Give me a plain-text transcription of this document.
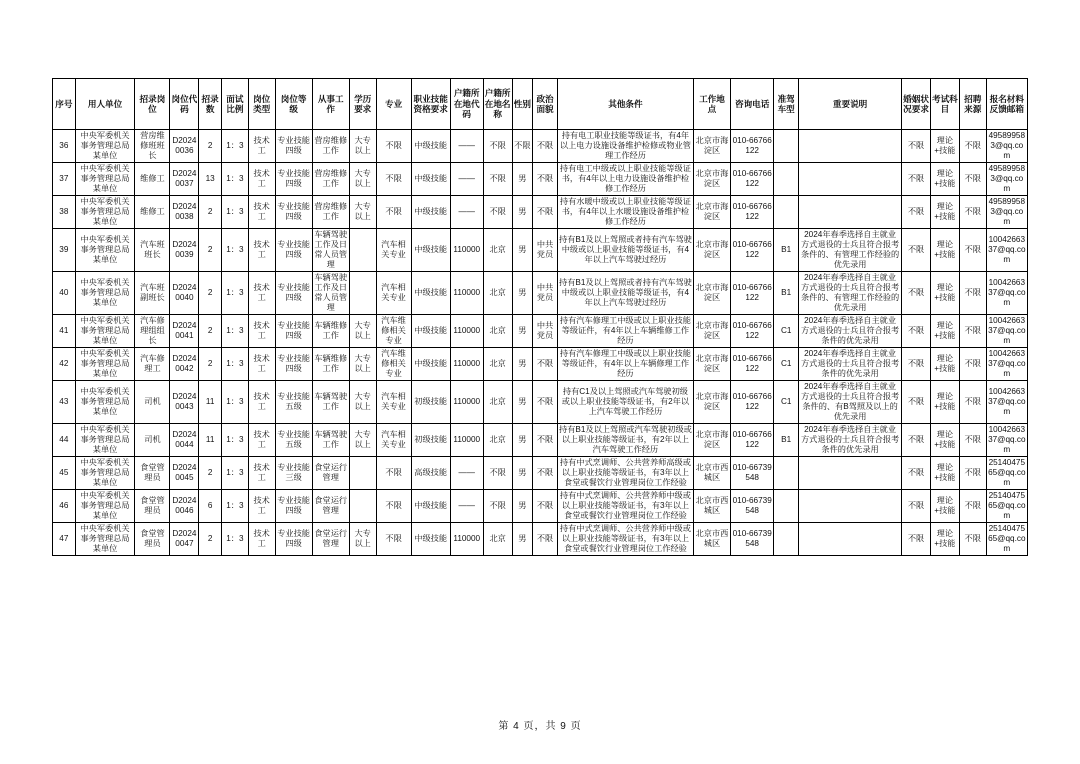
序号	用人单位	招录岗位	岗位代码	招录数	面试比例	岗位类型	岗位等级	从事工作	学历要求	专业	职业技能资格要求	户籍所在地代码	户籍所在地名称	性别	政治面貌	其他条件	工作地点	咨询电话	准驾车型	重要说明	婚姻状况要求	考试科目	招聘来源	报名材料反馈邮箱
36	中央军委机关事务管理总局某单位	营房维修班班长	D2024 0036	2	1：3	技术工	专业技能四级	营房维修工作	大专以上	不限	中级技能	——	不限	不限	不限	持有电工职业技能等级证书，有4年以上电力设施设备维护检修或物业管理工作经历	北京市海淀区	010-66766122			不限	理论+技能	不限	49589958 3@qq.com
37	中央军委机关事务管理总局某单位	维修工	D2024 0037	13	1：3	技术工	专业技能四级	营房维修工作	大专以上	不限	中级技能	——	不限	男	不限	持有电工中级或以上职业技能等级证书，有4年以上电力设施设备维护检修工作经历	北京市海淀区	010-66766122			不限	理论+技能	不限	49589958 3@qq.com
38	中央军委机关事务管理总局某单位	维修工	D2024 0038	2	1：3	技术工	专业技能四级	营房维修工作	大专以上	不限	中级技能	——	不限	男	不限	持有水暖中级或以上职业技能等级证书，有4年以上水暖设施设备维护检修工作经历	北京市海淀区	010-66766122			不限	理论+技能	不限	49589958 3@qq.com
39	中央军委机关事务管理总局某单位	汽车班班长	D2024 0039	2	1：3	技术工	专业技能四级	车辆驾驶工作及日常人员管理		汽车相关专业	中级技能	110000	北京	男	中共党员	持有B1及以上驾照或者持有汽车驾驶中级或以上职业技能等级证书，有4年以上汽车驾驶过经历	北京市海淀区	010-66766122	B1	2024年春季选择自主就业方式退役的士兵且符合报考条件的、有管理工作经验的优先录用	不限	理论+技能	不限	10042663 37@qq.com
40	中央军委机关事务管理总局某单位	汽车班副班长	D2024 0040	2	1：3	技术工	专业技能四级	车辆驾驶工作及日常人员管理		汽车相关专业	中级技能	110000	北京	男	中共党员	持有B1及以上驾照或者持有汽车驾驶中级或以上职业技能等级证书，有4年以上汽车驾驶过经历	北京市海淀区	010-66766122	B1	2024年春季选择自主就业方式退役的士兵且符合报考条件的、有管理工作经验的优先录用	不限	理论+技能	不限	10042663 37@qq.com
41	中央军委机关事务管理总局某单位	汽车修理组组长	D2024 0041	2	1：3	技术工	专业技能四级	车辆维修工作	大专以上	汽车维修相关专业	中级技能	110000	北京	男	中共党员	持有汽车修理工中级或以上职业技能等级证件，有4年以上车辆维修工作经历	北京市海淀区	010-66766122	C1	2024年春季选择自主就业方式退役的士兵且符合报考条件的优先录用	不限	理论+技能	不限	10042663 37@qq.com
42	中央军委机关事务管理总局某单位	汽车修理工	D2024 0042	2	1：3	技术工	专业技能四级	车辆维修工作	大专以上	汽车维修相关专业	中级技能	110000	北京	男	不限	持有汽车修理工中级或以上职业技能等级证件，有4年以上车辆修理工作经历	北京市海淀区	010-66766122	C1	2024年春季选择自主就业方式退役的士兵且符合报考条件的优先录用	不限	理论+技能	不限	10042663 37@qq.com
43	中央军委机关事务管理总局某单位	司机	D2024 0043	11	1：3	技术工	专业技能五级	车辆驾驶工作	大专以上	汽车相关专业	初级技能	110000	北京	男	不限	持有C1及以上驾照或汽车驾驶初级或以上职业技能等级证书，有2年以上汽车驾驶工作经历	北京市海淀区	010-66766122	C1	2024年春季选择自主就业方式退役的士兵且符合报考条件的、有B驾照及以上的优先录用	不限	理论+技能	不限	10042663 37@qq.com
44	中央军委机关事务管理总局某单位	司机	D2024 0044	11	1：3	技术工	专业技能五级	车辆驾驶工作	大专以上	汽车相关专业	初级技能	110000	北京	男	不限	持有B1及以上驾照或汽车驾驶初级或以上职业技能等级证书，有2年以上汽车驾驶工作经历	北京市海淀区	010-66766122	B1	2024年春季选择自主就业方式退役的士兵且符合报考条件的优先录用	不限	理论+技能	不限	10042663 37@qq.com
45	中央军委机关事务管理总局某单位	食堂管理员	D2024 0045	2	1：3	技术工	专业技能三级	食堂运行管理		不限	高级技能	——	不限	男	不限	持有中式烹调师、公共营养师高级或以上职业技能等级证书，有3年以上食堂或餐饮行业管理岗位工作经验	北京市西城区	010-66739548			不限	理论+技能	不限	25140475 65@qq.com
46	中央军委机关事务管理总局某单位	食堂管理员	D2024 0046	6	1：3	技术工	专业技能四级	食堂运行管理		不限	中级技能	——	不限	男	不限	持有中式烹调师、公共营养师中级或以上职业技能等级证书，有3年以上食堂或餐饮行业管理岗位工作经验	北京市西城区	010-66739548			不限	理论+技能	不限	25140475 65@qq.com
47	中央军委机关事务管理总局某单位	食堂管理员	D2024 0047	2	1：3	技术工	专业技能四级	食堂运行管理	大专以上	不限	中级技能	110000	北京	男	不限	持有中式烹调师、公共营养师中级或以上职业技能等级证书，有3年以上食堂或餐饮行业管理岗位工作经验	北京市西城区	010-66739548			不限	理论+技能	不限	25140475 65@qq.com
第 4 页，共 9 页
